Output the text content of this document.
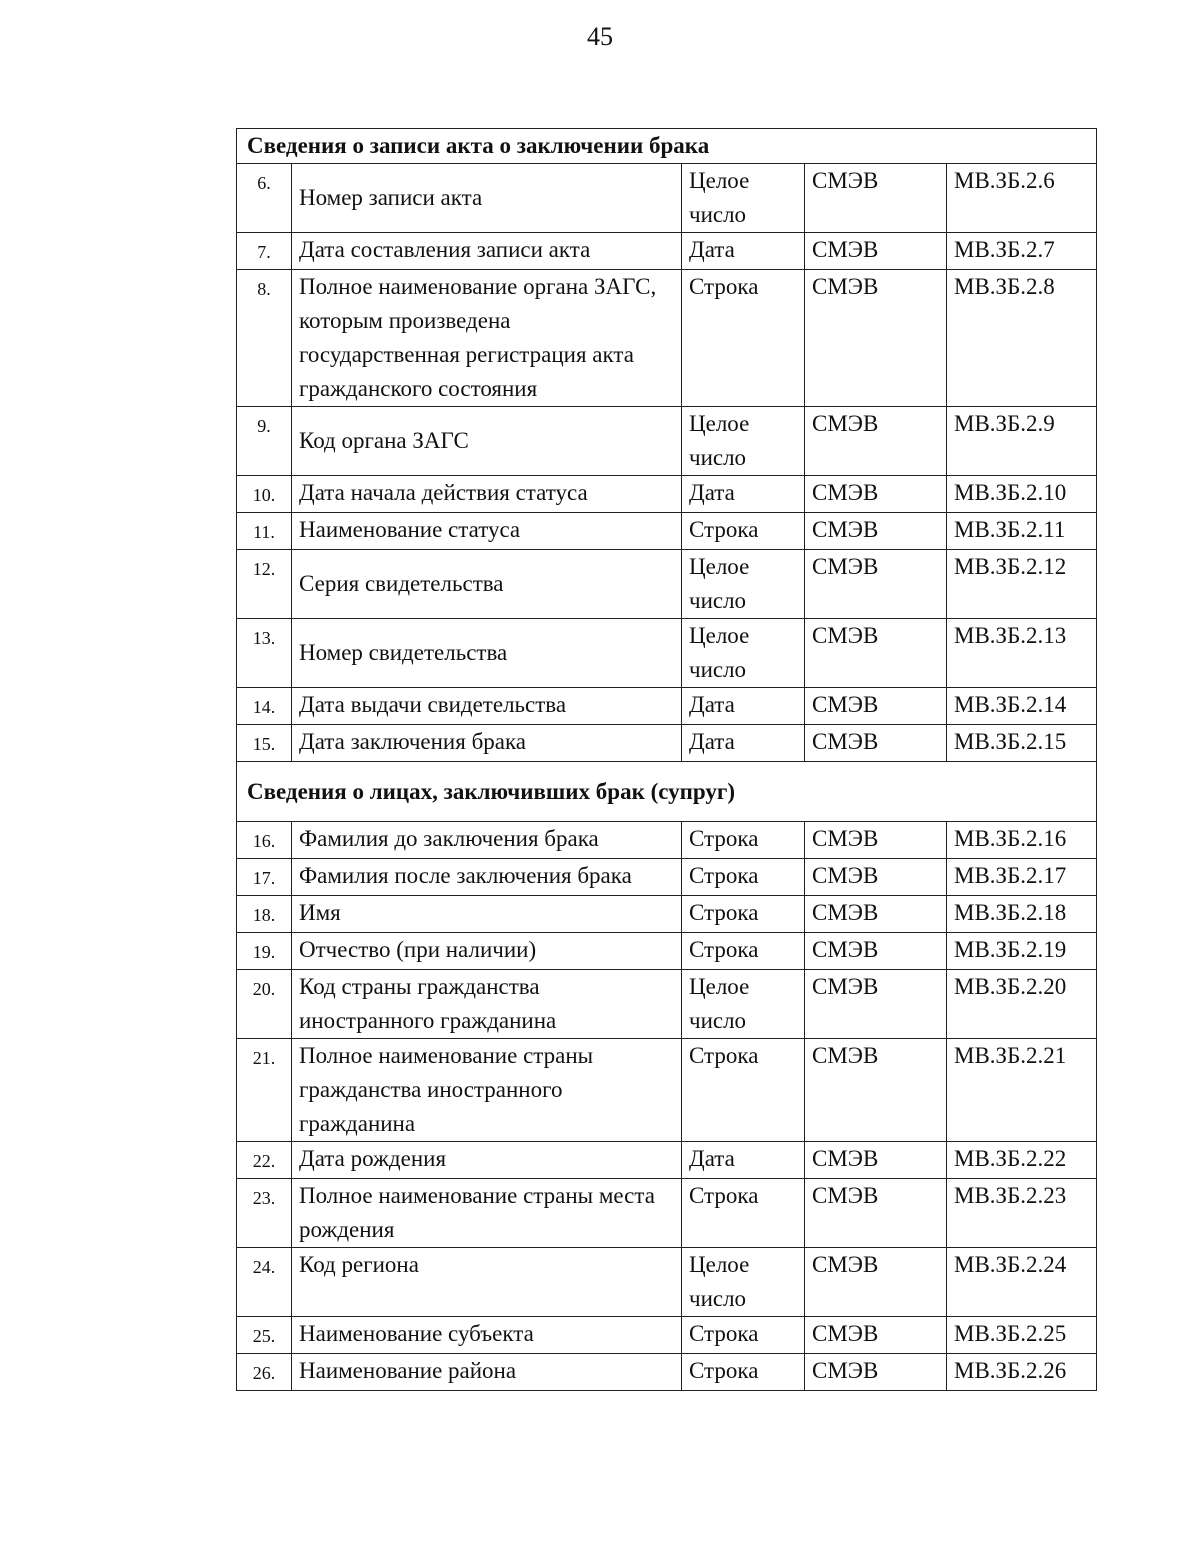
45
Сведения о записи акта о заключении брака				
6.	Номер записи акта	Целое число	СМЭВ	МВ.ЗБ.2.6
7.	Дата составления записи акта	Дата	СМЭВ	МВ.ЗБ.2.7
8.	Полное наименование органа ЗАГС, которым произведена государственная регистрация акта гражданского состояния	Строка	СМЭВ	МВ.ЗБ.2.8
9.	Код органа ЗАГС	Целое число	СМЭВ	МВ.ЗБ.2.9
10.	Дата начала действия статуса	Дата	СМЭВ	МВ.ЗБ.2.10
11.	Наименование статуса	Строка	СМЭВ	МВ.ЗБ.2.11
12.	Серия свидетельства	Целое число	СМЭВ	МВ.ЗБ.2.12
13.	Номер свидетельства	Целое число	СМЭВ	МВ.ЗБ.2.13
14.	Дата выдачи свидетельства	Дата	СМЭВ	МВ.ЗБ.2.14
15.	Дата заключения брака	Дата	СМЭВ	МВ.ЗБ.2.15
Сведения о лицах, заключивших брак (супруг)				
16.	Фамилия до заключения брака	Строка	СМЭВ	МВ.ЗБ.2.16
17.	Фамилия после заключения брака	Строка	СМЭВ	МВ.ЗБ.2.17
18.	Имя	Строка	СМЭВ	МВ.ЗБ.2.18
19.	Отчество (при наличии)	Строка	СМЭВ	МВ.ЗБ.2.19
20.	Код страны гражданства иностранного гражданина	Целое число	СМЭВ	МВ.ЗБ.2.20
21.	Полное наименование страны гражданства иностранного гражданина	Строка	СМЭВ	МВ.ЗБ.2.21
22.	Дата рождения	Дата	СМЭВ	МВ.ЗБ.2.22
23.	Полное наименование страны места рождения	Строка	СМЭВ	МВ.ЗБ.2.23
24.	Код региона	Целое число	СМЭВ	МВ.ЗБ.2.24
25.	Наименование субъекта	Строка	СМЭВ	МВ.ЗБ.2.25
26.	Наименование района	Строка	СМЭВ	МВ.ЗБ.2.26
